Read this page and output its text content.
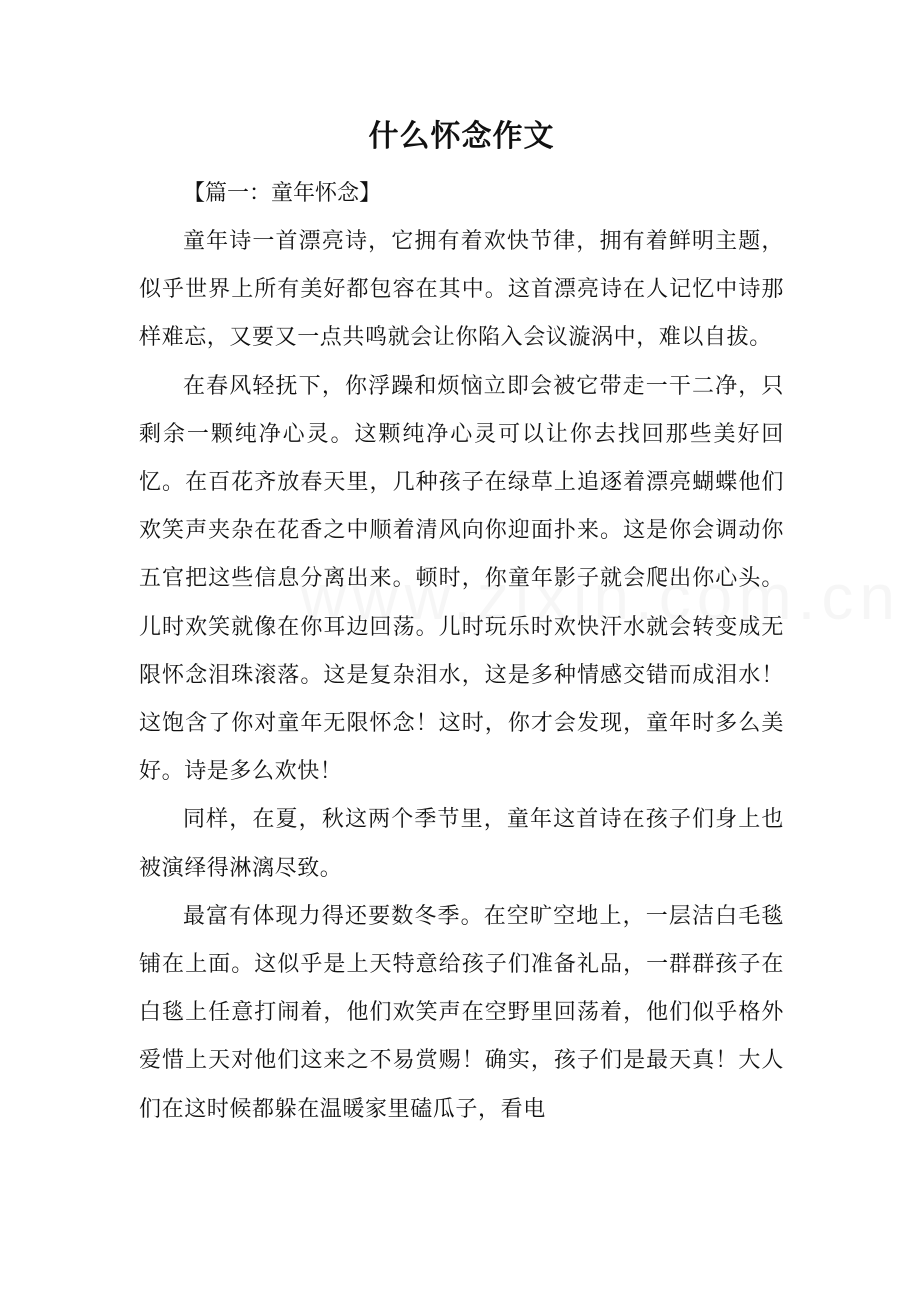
什么怀念作文

【篇一：童年怀念】

童年诗一首漂亮诗，它拥有着欢快节律，拥有着鲜明主题，似乎世界上所有美好都包容在其中。这首漂亮诗在人记忆中诗那样难忘，又要又一点共鸣就会让你陷入会议漩涡中，难以自拔。

在春风轻抚下，你浮躁和烦恼立即会被它带走一干二净，只剩余一颗纯净心灵。这颗纯净心灵可以让你去找回那些美好回忆。在百花齐放春天里，几种孩子在绿草上追逐着漂亮蝴蝶他们欢笑声夹杂在花香之中顺着清风向你迎面扑来。这是你会调动你五官把这些信息分离出来。顿时，你童年影子就会爬出你心头。儿时欢笑就像在你耳边回荡。儿时玩乐时欢快汗水就会转变成无限怀念泪珠滚落。这是复杂泪水，这是多种情感交错而成泪水！这饱含了你对童年无限怀念！这时，你才会发现，童年时多么美好。诗是多么欢快！

同样，在夏，秋这两个季节里，童年这首诗在孩子们身上也被演绎得淋漓尽致。

最富有体现力得还要数冬季。在空旷空地上，一层洁白毛毯铺在上面。这似乎是上天特意给孩子们准备礼品，一群群孩子在白毯上任意打闹着，他们欢笑声在空野里回荡着，他们似乎格外爱惜上天对他们这来之不易赏赐！确实，孩子们是最天真！大人们在这时候都躲在温暖家里磕瓜子，看电
